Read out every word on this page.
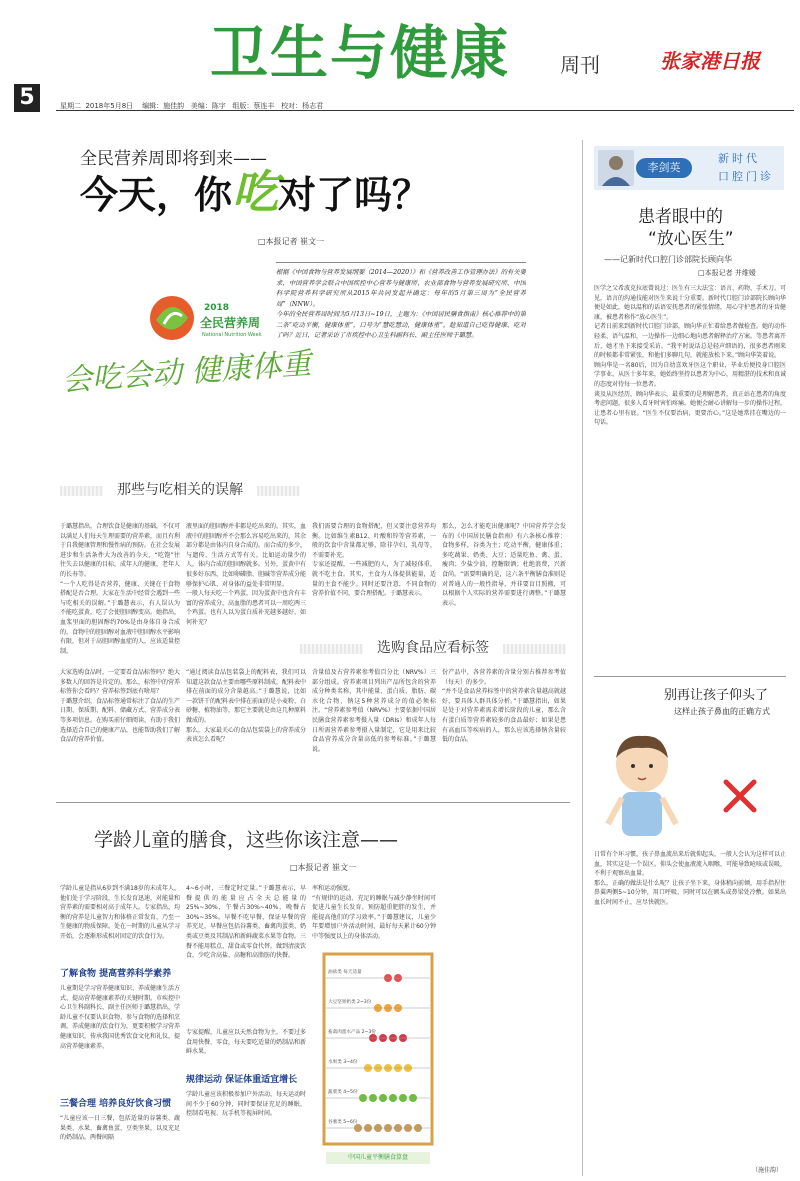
5
卫生与健康 周刊	张家港日报
星期二  2018年5月8日    编辑：施佳韵   美编：陈宇   组版：蔡连丰   校对：杨志君
全民营养周即将到来——
今天，你吃对了吗？
□本报记者 崔文一
2018
全民营养周
National Nutrition Week
会吃会动 健康体重
根据《中国食物与营养发展纲要（2014—2020）》和《营养改善工作管理办法》的有关要求，中国营养学会联合中国疾控中心营养与健康所、农业部食物与营养发展研究所、中国科学院营养科学研究所从2015年共同发起并确定：每年的5月第三周为“全民营养周”（NNW）。
今年的全民营养周时间为5月13日~19日，主题为：《中国居民膳食指南》核心推荐中的第二条“吃动平衡，健康体重”，口号为“慧吃慧动，健康体重”。趁知道自己吃得健康、吃对了吗？近日，记者采访了市疾控中心卫生科副科长、副主任医师于璐慧。
那些与吃相关的误解
于璐慧指出，合理饮食是健康的基础，不仅可以满足人们每天生理需要的营养素，而且有利于自我健康管理和慢性病的预防。在社会发展进步和生活条件大为改善的今天，“吃饱”往往失去以健康的目标，成年人的健康，老年人的长寿等。
“一个人吃得是否营养，健康，关键在于食物搭配是否合理。大家在生活中经常会遇到一些与吃相关的误解。”于璐慧表示，有人误认为不能吃蛋黄，吃了会使胆固醇变高。她指出，血浆里面的胆固醇约70%是由身体自身合成的，食物中的胆固醇对血液中胆固醇水平影响有限，但对于高胆固醇血症的人，应该适量控制。
液里面的胆固醇并非都是吃出来的。其实，血液中的胆固醇并不会那么容易吃出来的，其余部分都是由体内自身合成的。而合成的多少，与遗传、生活方式等有关。比如运动量少的人，体内合成的胆固醇就多。另外，蛋黄中有很多好东西，比如卵磷脂、胆碱等营养成分能够保护心肌、对身体的益处非常明显。
一般人每天吃一个鸡蛋，因为蛋黄中也含有丰富的营养成分，高血脂的患者可以一周吃两三个鸡蛋。也有人以为蛋白质补充越多越好，如何补充？
我们需要合理的食物搭配，但又要注意营养均衡。比如维生素B12、叶酸和锌等营养素，一般的饮食中含量都足够，除非孕妇、乳母等，不需要补充。
专家还提醒，一些减肥的人，为了减轻体重，就不吃主食。其实，主食为人体提供能量，适量的主食不能少。同时还要注意，不同食物的营养价值不同，要合理搭配。于璐慧表示。
那么，怎么才能吃出健康呢？中国营养学会发布的《中国居民膳食指南》有六条核心推荐：食物多样，谷类为主；吃动平衡，健康体重；多吃蔬果、奶类、大豆；适量吃鱼、禽、蛋、瘦肉；少盐少油，控糖限酒；杜绝浪费，兴新食尚。“需要明确的是，这六条平衡膳食准则是对普通人的一般性指导，并非要盲目照搬，可以根据个人实际的营养需要进行调整。”于璐慧表示。
选购食品应看标签
大家选购食品时，一定要看食品标签吗？绝大多数人的回答是肯定的。那么，标签中的营养标签你会看吗？营养标签到底有啥用？
于璐慧介绍，食品标签通常标注了食品的生产日期、保质期、配料、储藏方式、营养成分表等多项信息。在购买前仔细阅读，有助于我们选择适合自己的健康产品，也能帮助我们了解食品的营养价值。
“通过阅读食品包装袋上的配料表，我们可以知道这款食品主要由哪些原料制成，配料表中排在前面的成分含量越高。”于璐慧说，比如一款饼干的配料表中排在前面的是小麦粉、白砂糖、植物油等，那它主要就是由这几种原料做成的。
那么，大家最关心的食品包装袋上的营养成分表该怎么看呢？
含量值及占营养素参考值百分比（NRV%）三部分组成。营养素项目列出产品所包含的营养成分种类名称，其中能量、蛋白质、脂肪、碳水化合物、钠这5种营养成分的值必须标注。“营养素参考值（NRV%）主要依据中国居民膳食营养素参考摄入量（DRIs）和成年人每日所需营养素参考摄入量制定，它是用来比较食品营养成分含量高低的参考标准。”于璐慧说。
份产品中，各营养素的含量分别占推荐参考值（每天）的多少。
“并不是食品营养标签中的营养素含量越高就越好，要具体人群具体分析。”于璐慧指出，如果是处于对营养素需求增长阶段的儿童，那么含有蛋白质等营养素较多的食品最好；如果是患有高血压等疾病的人，那么应该选择钠含量较低的食品。
学龄儿童的膳食，这些你该注意——
□本报记者 崔文一
学龄儿童是指从6岁到不满18岁的未成年人，他们处于学习阶段，生长发育迅速，对能量和营养素的需要相对高于成年人。专家指出，均衡的营养是儿童智力和体格正常发育，乃至一生健康的物质保障。处在一时期的儿童从学习开始，会逐渐形成相对固定的饮食行为。
了解食物 提高营养科学素养
儿童期是学习营养健康知识、养成健康生活方式、提高营养健康素养的关键时期。市疾控中心卫生科副科长、副主任医师于璐慧指出，学龄儿童不仅要认识食物、参与食物的选择和烹调，养成健康的饮食行为，更要积极学习营养健康知识，传承我国优秀饮食文化和礼仪，提高营养健康素养。
三餐合理 培养良好饮食习惯
“儿童应该一日三餐，包括适量的谷薯类、蔬果类、水果、畜禽鱼蛋、豆类坚果，以及充足的奶制品。两餐间隔
4~6小时，三餐定时定量。”于璐慧表示，早餐提供的能量应占全天总能量的25%~30%，午餐占30%~40%，晚餐占30%~35%。早餐不吃早餐，保证早餐的营养充足，早餐应包括谷薯类、畜禽肉蛋类、奶类或豆类及其制品和新鲜蔬菜水果等食物。三餐不能用糕点、甜食或零食代替。做到清淡饮食，少吃含高盐、高糖和高脂肪的快餐。
专家提醒，儿童应以天然食物为主，不要过多食用快餐、零食，每天要吃适量的奶制品和新鲜水果。
规律运动 保证体重适宜增长
学龄儿童应该积极参加户外活动，每天运动时间不少于60分钟，同时要保证充足的睡眠，控制看电视、玩手机等视屏时间。
率和运动强度。
“有规律的运动、充足的睡眠与减少静坐时间可促进儿童生长发育、预防超重肥胖的发生，并能提高他们的学习效率。”于璐慧建议，儿童少年要增加户外活动时间，最好每天累计60分钟中等强度以上的身体活动。
油盐类 每天适量
大豆坚果奶类 2~3份
畜禽肉蛋水产品 2~3份
水果类 3~4份
蔬菜类 4~5份
谷薯类 5~6份
中国儿童平衡膳食算盘
李剑英
新时代
口腔门诊
患者眼中的
“放心医生”
——记新时代口腔门诊部院长顾向华
□本报记者 井维嫒
医学之父希波克拉底曾说过：医生有三大法宝：语言、药物、手术刀。可见，语言的沟通技能对医生来说十分重要。新时代口腔门诊部院长顾向华便是如此，她以温和的话语安抚患者的紧张情绪，用心守护患者的牙齿健康，被患者称作“放心医生”。
记者日前来到新时代口腔门诊部，顾向华正忙着给患者做检查。她的动作轻柔、语气温和，一边操作一边细心地向患者解释治疗方案。等患者离开后，她才坐下来接受采访。“我平时说话总是轻声细语的，很多患者刚来的时候都非常紧张，和他们多聊几句，就能放松下来。”顾向华笑着说。
顾向华是一名80后，因为自幼喜欢牙医这个职业，毕业后便投身口腔医学事业。从医十多年来，她始终坚持以患者为中心，用精湛的技术和真诚的态度对待每一位患者。
谈及从医经历，顾向华表示，最重要的是理解患者，真正站在患者的角度考虑问题。很多人看牙时害怕疼痛，她便会耐心讲解每一步的操作过程，让患者心里有底。“医生不仅要治病，更要治心。”这是她常挂在嘴边的一句话。
别再让孩子仰头了
这样止孩子鼻血的正确方式
日常有个坏习惯，孩子鼻血流出来后就仰起头，一般人会认为这样可以止血，其实这是一个误区。仰头会使血液流入咽喉，可能导致呛咳或误吸，不利于观察出血量。
那么，正确的做法是什么呢？让孩子坐下来，身体稍向前倾，用手指捏住鼻翼两侧5~10分钟，用口呼吸，同时可以在额头或鼻梁处冷敷。如果出血长时间不止，应尽快就医。
（施佳韵）
